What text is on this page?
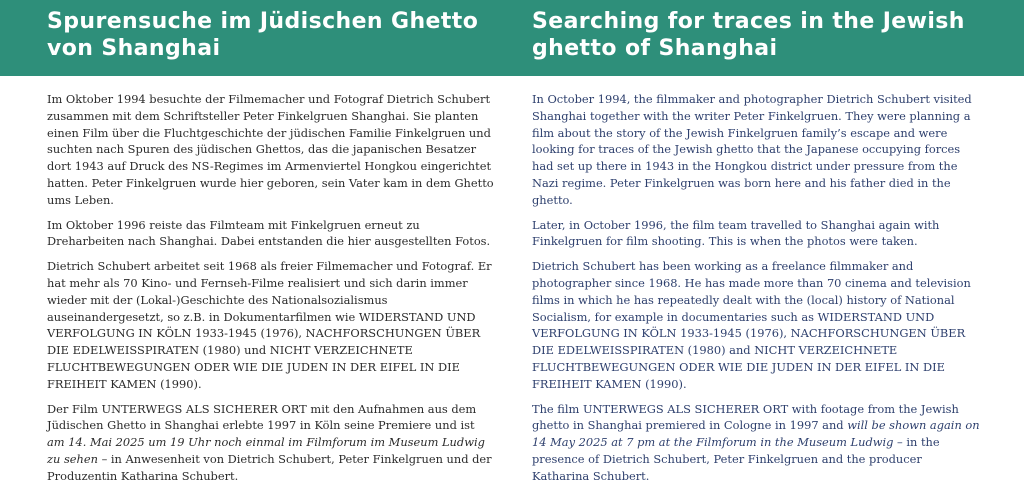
Spurensuche im Jüdischen Ghetto von Shanghai
Searching for traces in the Jewish ghetto of Shanghai

Im Oktober 1994 besuchte der Filmemacher und Fotograf Dietrich Schubert zusammen mit dem Schriftsteller Peter Finkelgruen Shanghai. Sie planten einen Film über die Fluchtgeschichte der jüdischen Familie Finkelgruen und suchten nach Spuren des jüdischen Ghettos, das die japanischen Besatzer dort 1943 auf Druck des NS-Regimes im Armenviertel Hongkou eingerichtet hatten. Peter Finkelgruen wurde hier geboren, sein Vater kam in dem Ghetto ums Leben.

Im Oktober 1996 reiste das Filmteam mit Finkelgruen erneut zu Dreharbeiten nach Shanghai. Dabei entstanden die hier ausgestellten Fotos.

Dietrich Schubert arbeitet seit 1968 als freier Filmemacher und Fotograf. Er hat mehr als 70 Kino- und Fernseh-Filme realisiert und sich darin immer wieder mit der (Lokal-)Geschichte des Nationalsozialismus auseinandergesetzt, so z.B. in Dokumentarfilmen wie WIDERSTAND UND VERFOLGUNG IN KÖLN 1933-1945 (1976), NACHFORSCHUNGEN ÜBER DIE EDELWEISSPIRATEN (1980) und NICHT VERZEICHNETE FLUCHTBEWEGUNGEN ODER WIE DIE JUDEN IN DER EIFEL IN DIE FREIHEIT KAMEN (1990).

Der Film UNTERWEGS ALS SICHERER ORT mit den Aufnahmen aus dem Jüdischen Ghetto in Shanghai erlebte 1997 in Köln seine Premiere und ist am 14. Mai 2025 um 19 Uhr noch einmal im Filmforum im Museum Ludwig zu sehen – in Anwesenheit von Dietrich Schubert, Peter Finkelgruen und der Produzentin Katharina Schubert.

In October 1994, the filmmaker and photographer Dietrich Schubert visited Shanghai together with the writer Peter Finkelgruen. They were planning a film about the story of the Jewish Finkelgruen family’s escape and were looking for traces of the Jewish ghetto that the Japanese occupying forces had set up there in 1943 in the Hongkou district under pressure from the Nazi regime. Peter Finkelgruen was born here and his father died in the ghetto.

Later, in October 1996, the film team travelled to Shanghai again with Finkelgruen for film shooting. This is when the photos were taken.

Dietrich Schubert has been working as a freelance filmmaker and photographer since 1968. He has made more than 70 cinema and television films in which he has repeatedly dealt with the (local) history of National Socialism, for example in documentaries such as WIDERSTAND UND VERFOLGUNG IN KÖLN 1933-1945 (1976), NACHFORSCHUNGEN ÜBER DIE EDELWEISSPIRATEN (1980) and NICHT VERZEICHNETE FLUCHTBEWEGUNGEN ODER WIE DIE JUDEN IN DER EIFEL IN DIE FREIHEIT KAMEN (1990).

The film UNTERWEGS ALS SICHERER ORT with footage from the Jewish ghetto in Shanghai premiered in Cologne in 1997 and will be shown again on 14 May 2025 at 7 pm at the Filmforum in the Museum Ludwig – in the presence of Dietrich Schubert, Peter Finkelgruen and the producer Katharina Schubert.
